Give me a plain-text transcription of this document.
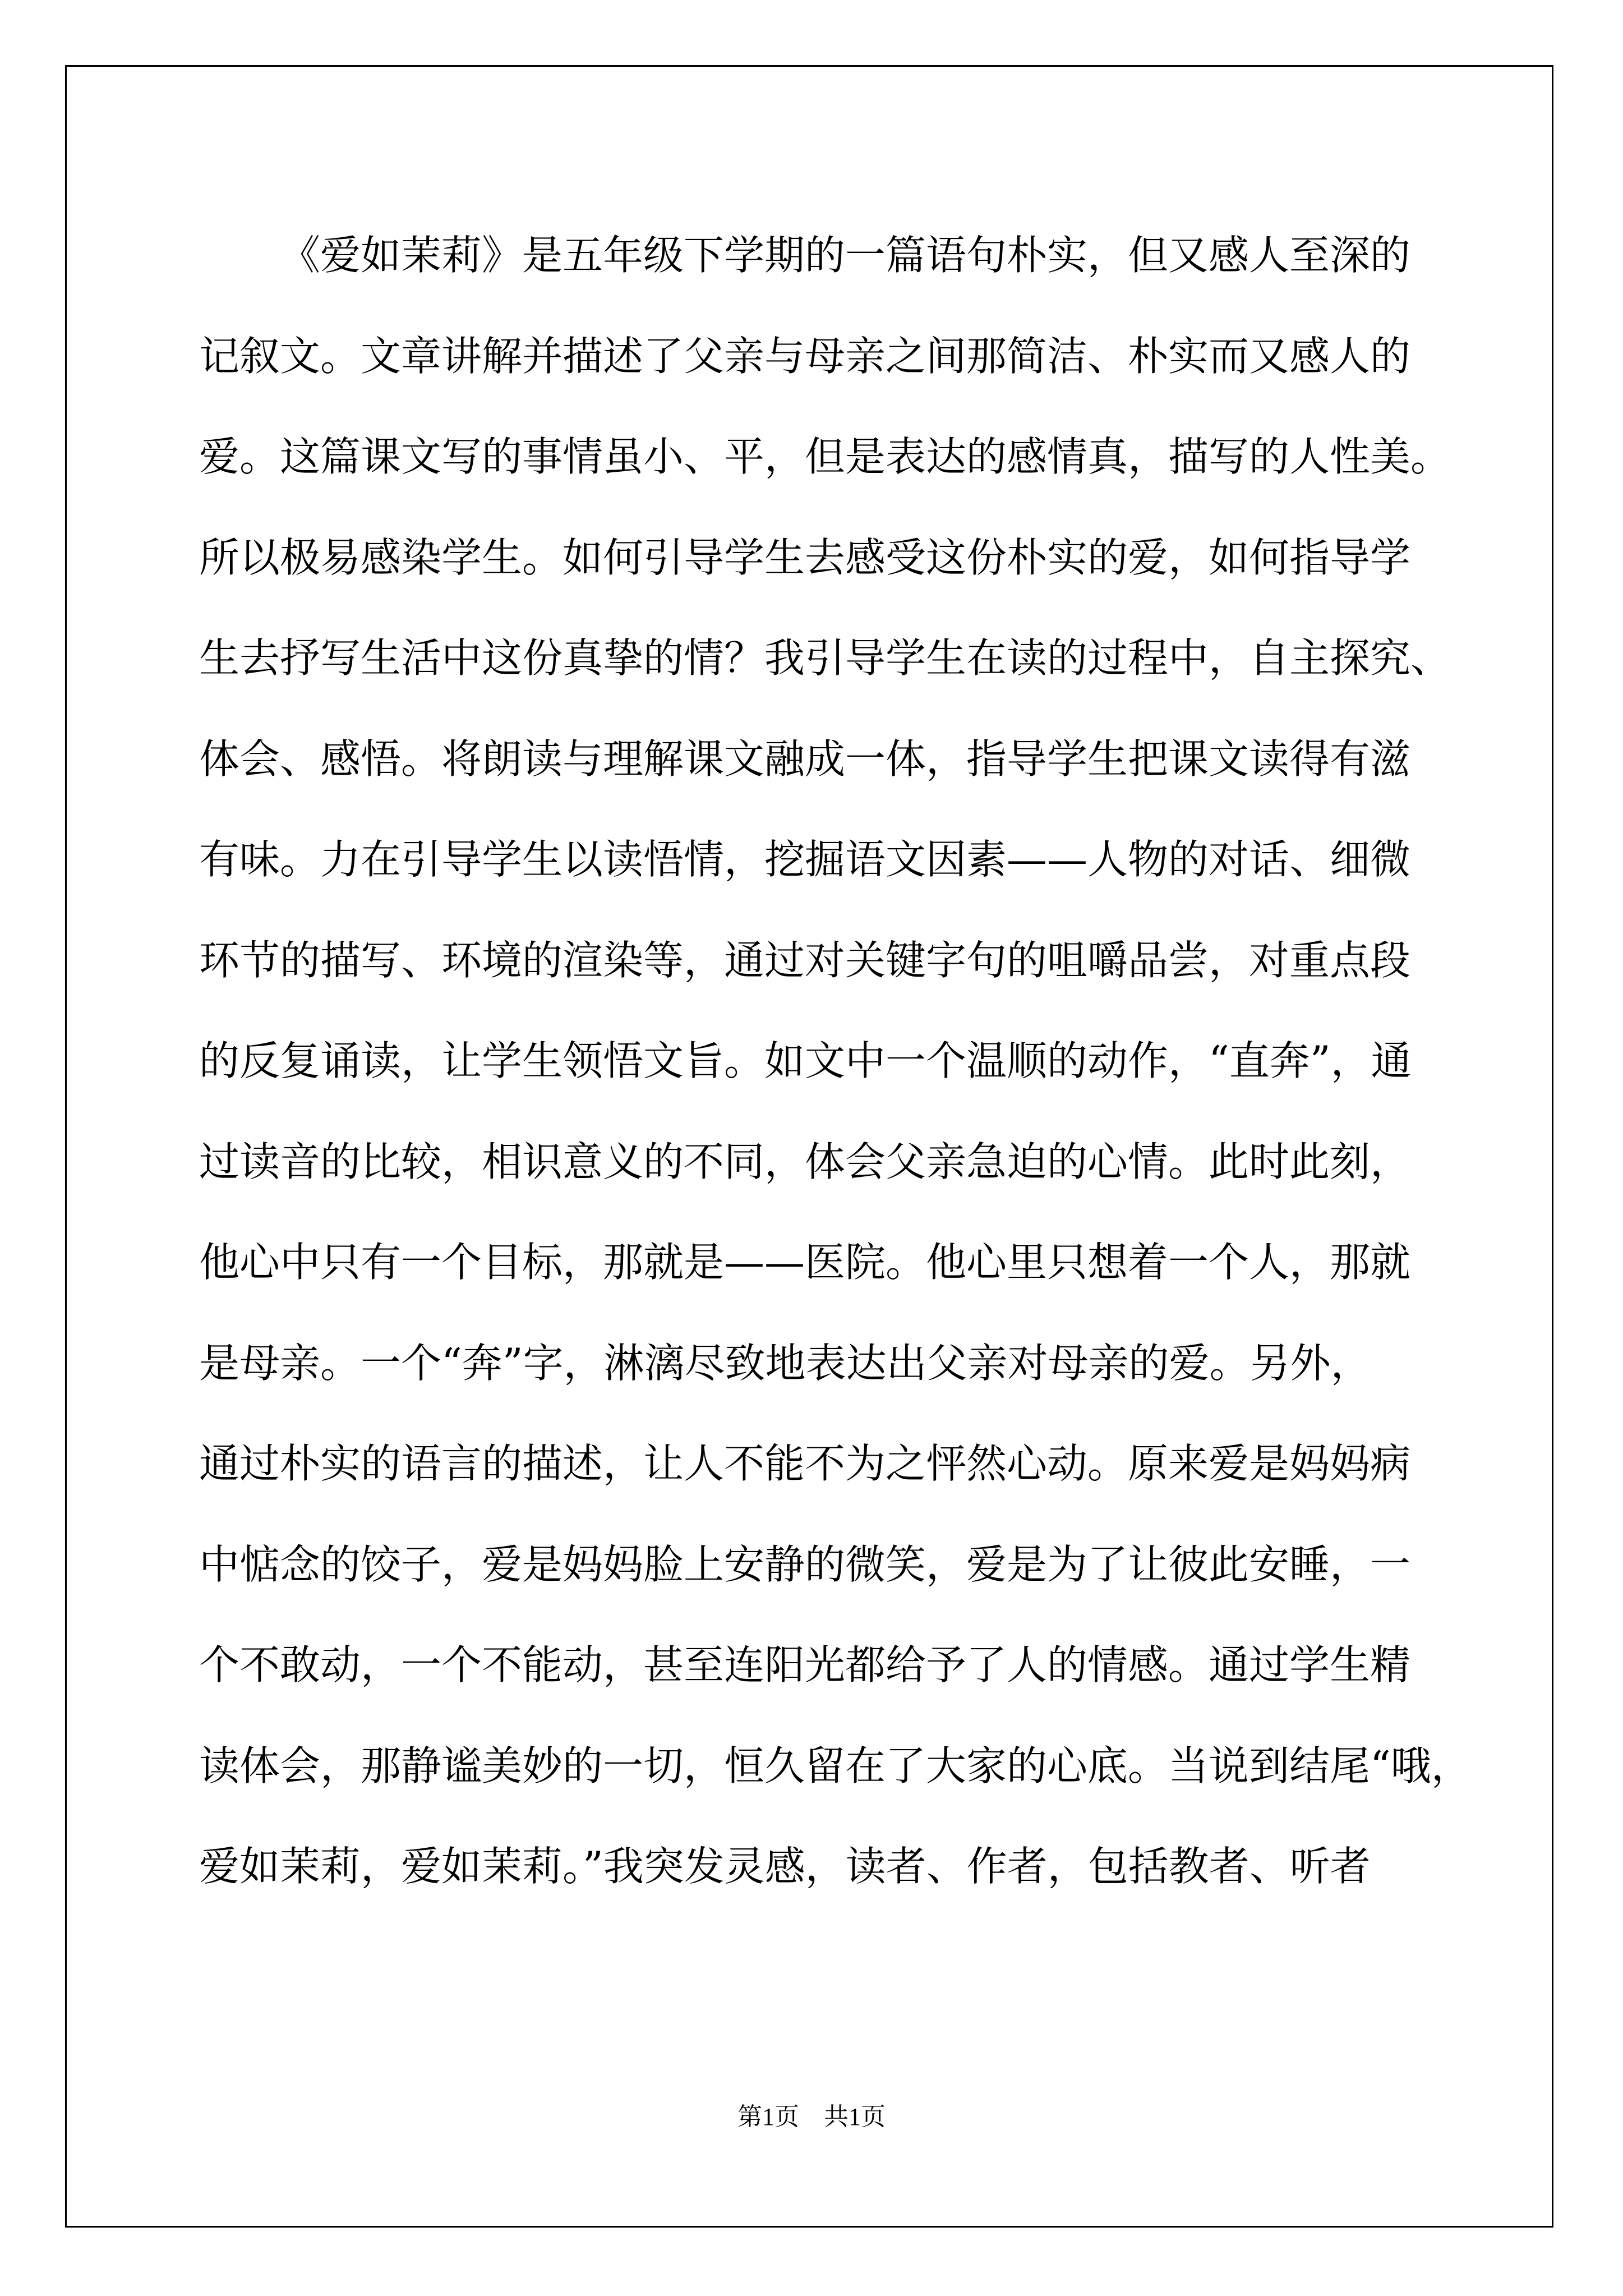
《爱如茉莉》是五年级下学期的一篇语句朴实，但又感人至深的
记叙文。文章讲解并描述了父亲与母亲之间那简洁、朴实而又感人的
爱。这篇课文写的事情虽小、平，但是表达的感情真，描写的人性美。
所以极易感染学生。如何引导学生去感受这份朴实的爱，如何指导学
生去抒写生活中这份真挚的情？我引导学生在读的过程中，自主探究、
体会、感悟。将朗读与理解课文融成一体，指导学生把课文读得有滋
有味。力在引导学生以读悟情，挖掘语文因素——人物的对话、细微
环节的描写、环境的渲染等，通过对关键字句的咀嚼品尝，对重点段
的反复诵读，让学生领悟文旨。如文中一个温顺的动作，“直奔”，通
过读音的比较，相识意义的不同，体会父亲急迫的心情。此时此刻，
他心中只有一个目标，那就是——医院。他心里只想着一个人，那就
是母亲。一个“奔”字，淋漓尽致地表达出父亲对母亲的爱。另外，
通过朴实的语言的描述，让人不能不为之怦然心动。原来爱是妈妈病
中惦念的饺子，爱是妈妈脸上安静的微笑，爱是为了让彼此安睡，一
个不敢动，一个不能动，甚至连阳光都给予了人的情感。通过学生精
读体会，那静谧美妙的一切，恒久留在了大家的心底。当说到结尾“哦，
爱如茉莉，爱如茉莉。”我突发灵感，读者、作者，包括教者、听者
第1页 共1页
